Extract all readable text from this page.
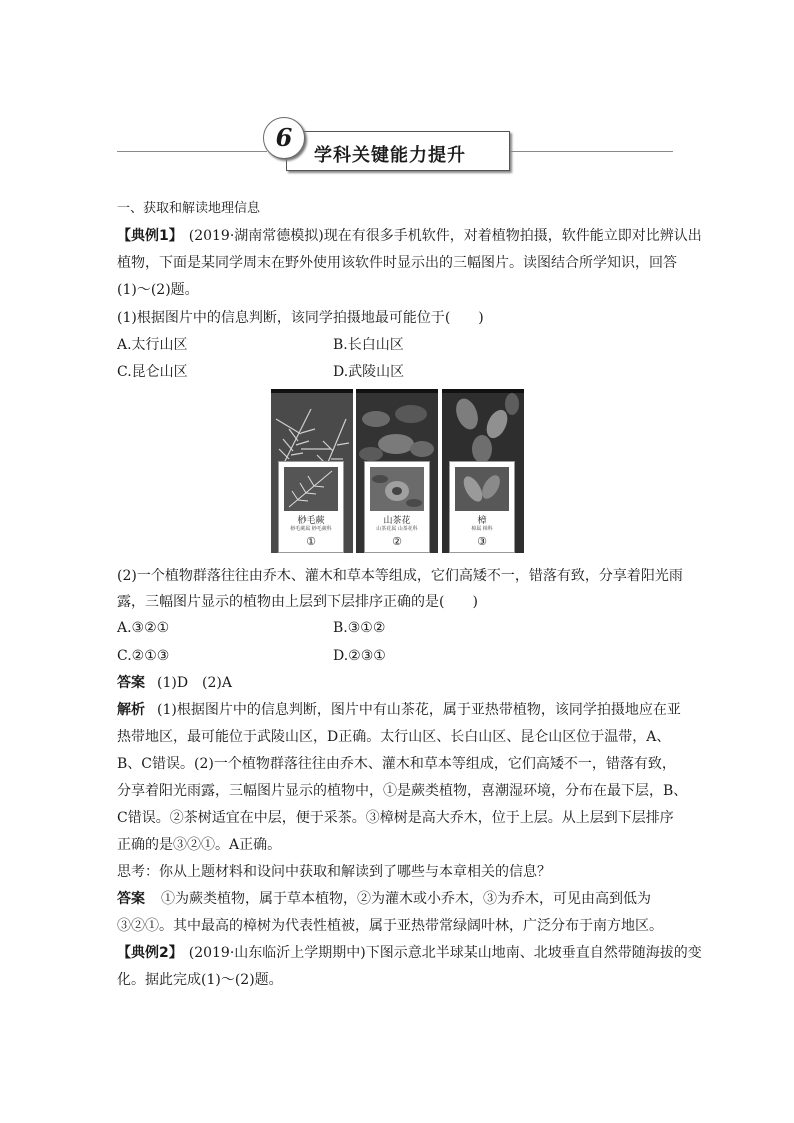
6
学科关键能力提升
一、获取和解读地理信息
【典例1】 (2019·湖南常德模拟)现在有很多手机软件，对着植物拍摄，软件能立即对比辨认出
植物，下面是某同学周末在野外使用该软件时显示出的三幅图片。读图结合所学知识，回答
(1)～(2)题。
(1)根据图片中的信息判断，该同学拍摄地最可能位于(　　)
A.太行山区	B.长白山区
C.昆仑山区	D.武陵山区
桫毛蕨
桫毛蕨属 桫毛蕨科
①
山茶花
山茶花属 山茶花科
②
樟
樟属 樟科
③
(2)一个植物群落往往由乔木、灌木和草本等组成，它们高矮不一，错落有致，分享着阳光雨
露，三幅图片显示的植物由上层到下层排序正确的是(　　)
A.③②①	B.③①②
C.②①③	D.②③①
答案 (1)D　(2)A
解析 (1)根据图片中的信息判断，图片中有山茶花，属于亚热带植物，该同学拍摄地应在亚
热带地区，最可能位于武陵山区，D正确。太行山区、长白山区、昆仑山区位于温带，A、
B、C错误。(2)一个植物群落往往由乔木、灌木和草本等组成，它们高矮不一，错落有致，
分享着阳光雨露，三幅图片显示的植物中，①是蕨类植物，喜潮湿环境，分布在最下层，B、
C错误。②茶树适宜在中层，便于采茶。③樟树是高大乔木，位于上层。从上层到下层排序
正确的是③②①。A正确。
思考：你从上题材料和设问中获取和解读到了哪些与本章相关的信息？
答案 ①为蕨类植物，属于草本植物，②为灌木或小乔木，③为乔木，可见由高到低为
③②①。其中最高的樟树为代表性植被，属于亚热带常绿阔叶林，广泛分布于南方地区。
【典例2】 (2019·山东临沂上学期期中)下图示意北半球某山地南、北坡垂直自然带随海拔的变
化。据此完成(1)～(2)题。
